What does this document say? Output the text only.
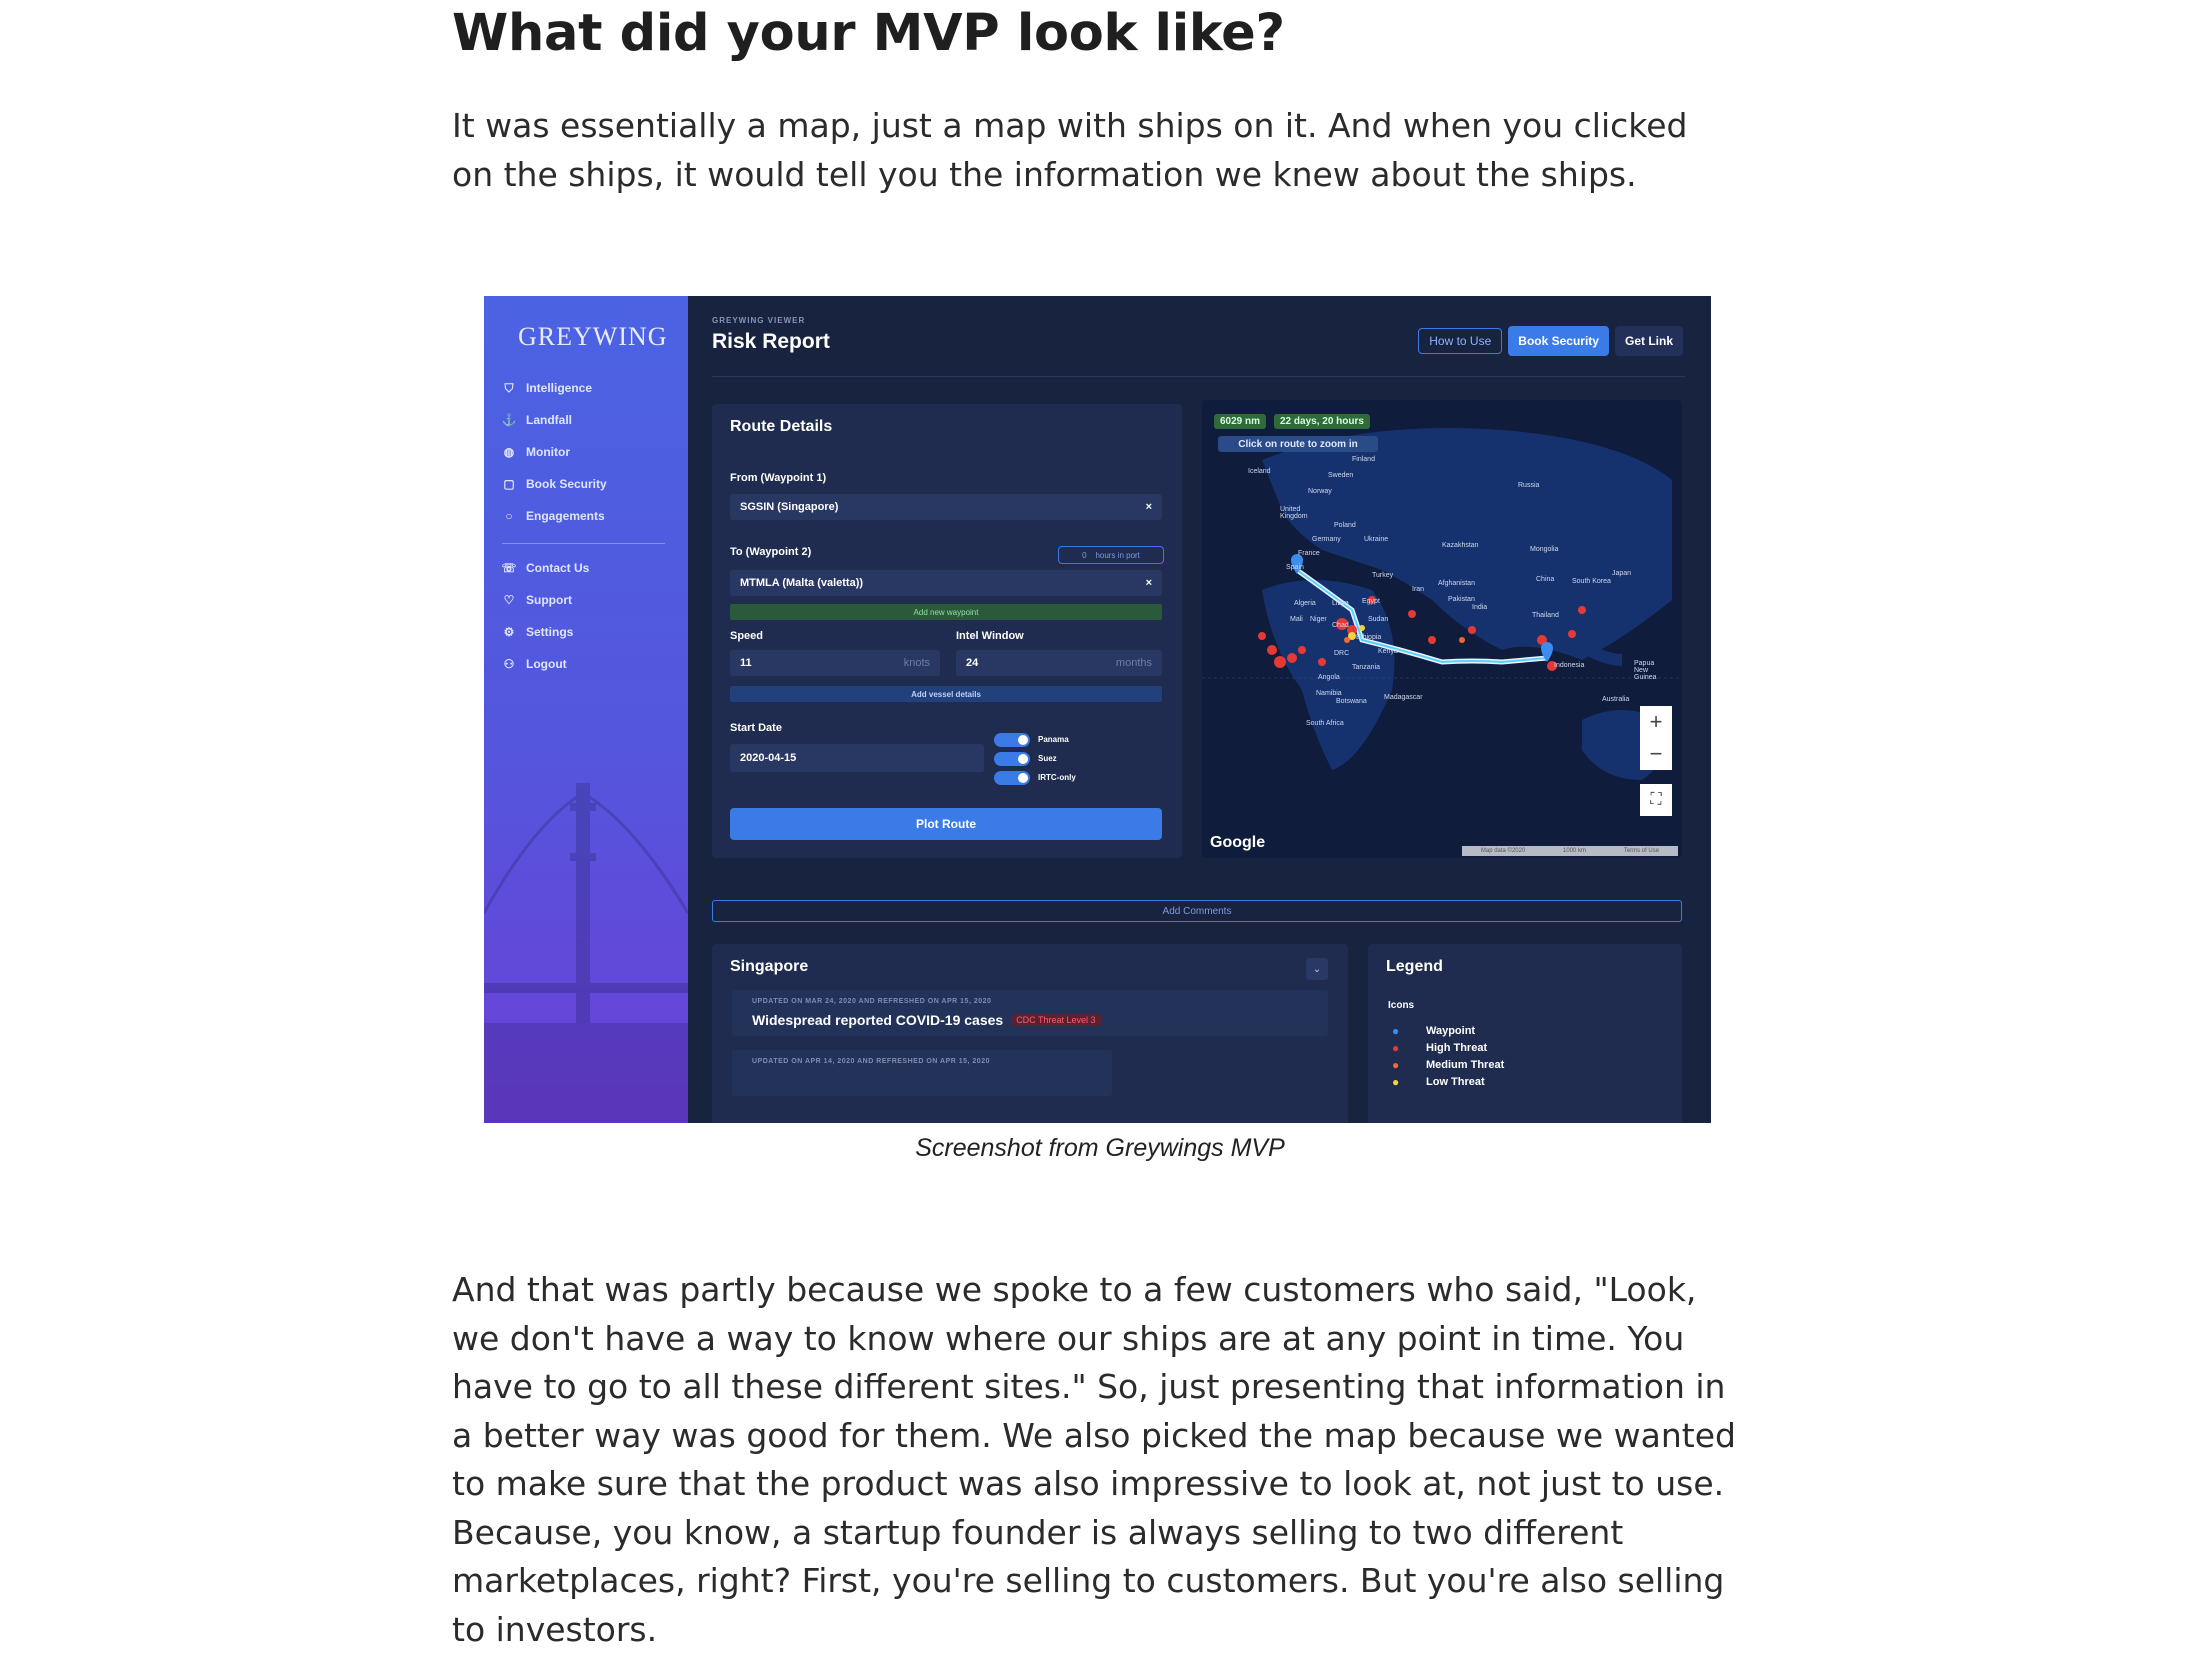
What did your MVP look like?

It was essentially a map, just a map with ships on it. And when you clicked on the ships, it would tell you the information we knew about the ships.

And that was partly because we spoke to a few customers who said, "Look, we don't have a way to know where our ships are at any point in time. You have to go to all these different sites." So, just presenting that information in a better way was good for them. We also picked the map because we wanted to make sure that the product was also impressive to look at, not just to use. Because, you know, a startup founder is always selling to two different marketplaces, right? First, you're selling to customers. But you're also selling to investors.

GREYWING
⛉ Intelligence
⚓ Landfall
◍ Monitor
▢ Book Security
○ Engagements
☏ Contact Us
♡ Support
⚙ Settings
⚇ Logout
GREYWING VIEWER
Risk Report	How to Use	Book Security	Get Link
Route Details
From (Waypoint 1)
SGSIN (Singapore)	×
To (Waypoint 2)	0
hours in port
MTMLA (Malta (valetta))	×
Add new waypoint
Speed	Intel Window
11	knots	24	months
Add vessel details
Start Date
2020-04-15
Panama
Suez
IRTC-only
Plot Route
6029 nm	22 days, 20 hours
Click on route to zoom in
Finland
Iceland
Sweden
Norway
Russia
United Kingdom
Poland
Germany	Ukraine
Kazakhstan
Mongolia
France
Spain
Turkey
Iran
Afghanistan
China	South Korea
Japan
Algeria Libya Egypt	Pakistan
India
Mali Niger
Chad
Sudan
Thailand
Ethiopia
Kenya
DRC
Tanzania	Indonesia	Papua New Guinea
Angola
Namibia
Botswana
Madagascar	Australia
South Africa	+
−
⛶
Google	Map data ©2020	1000 km	Terms of Use
Add Comments
Singapore	⌄
UPDATED ON MAR 24, 2020 AND REFRESHED ON APR 15, 2020
Widespread reported COVID-19 cases CDC Threat Level 3
UPDATED ON APR 14, 2020 AND REFRESHED ON APR 15, 2020
Legend
Icons
●	Waypoint
●	High Threat
●	Medium Threat
●	Low Threat
Screenshot from Greywings MVP
